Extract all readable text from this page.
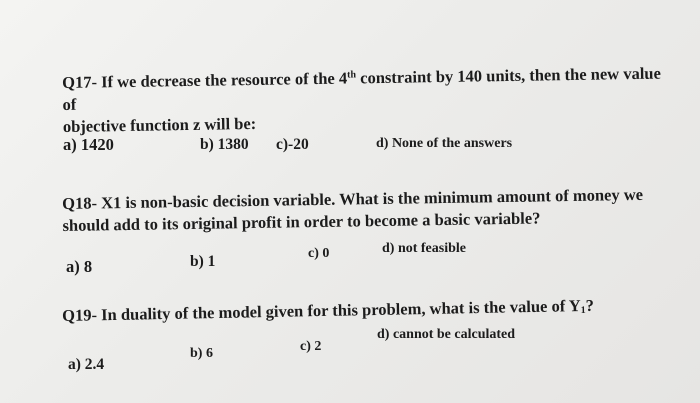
Q17- If we decrease the resource of the 4th constraint by 140 units, then the new value of
objective function z will be:
a) 1420	b) 1380 c)-20	d) None of the answers
Q18- X1 is non-basic decision variable. What is the minimum amount of money we
should add to its original profit in order to become a basic variable?
a) 8	b) 1	c) 0	d) not feasible
Q19- In duality of the model given for this problem, what is the value of $Y_1$?
a) 2.4
b) 6	c) 2
d) cannot be calculated
